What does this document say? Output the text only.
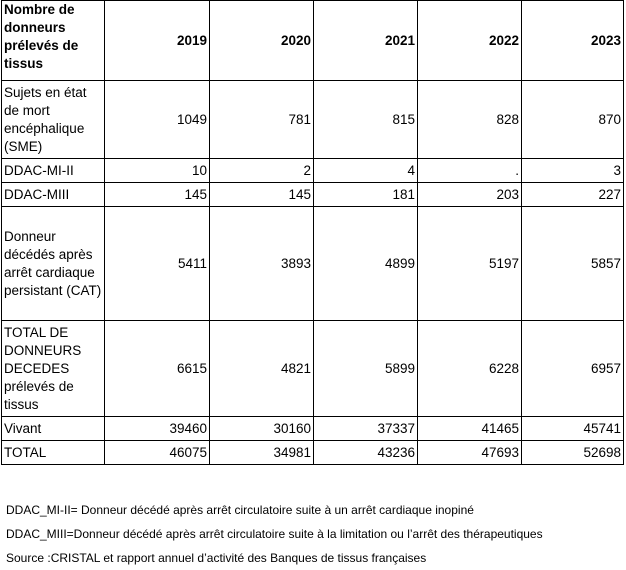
Nombre de donneurs prélevés de tissus	2019	2020	2021	2022	2023
Sujets en état de mort encéphalique (SME)	1049	781	815	828	870
DDAC-MI-II	10	2	4	.	3
DDAC-MIII	145	145	181	203	227
Donneur décédés après arrêt cardiaque persistant (CAT)	5411	3893	4899	5197	5857
TOTAL DE DONNEURS DECEDES prélevés de tissus	6615	4821	5899	6228	6957
Vivant	39460	30160	37337	41465	45741
TOTAL	46075	34981	43236	47693	52698
DDAC_MI-II= Donneur décédé après arrêt circulatoire suite à un arrêt cardiaque inopiné
DDAC_MIII=Donneur décédé après arrêt circulatoire suite à la limitation ou l’arrêt des thérapeutiques
Source :CRISTAL et rapport annuel d’activité des Banques de tissus françaises
